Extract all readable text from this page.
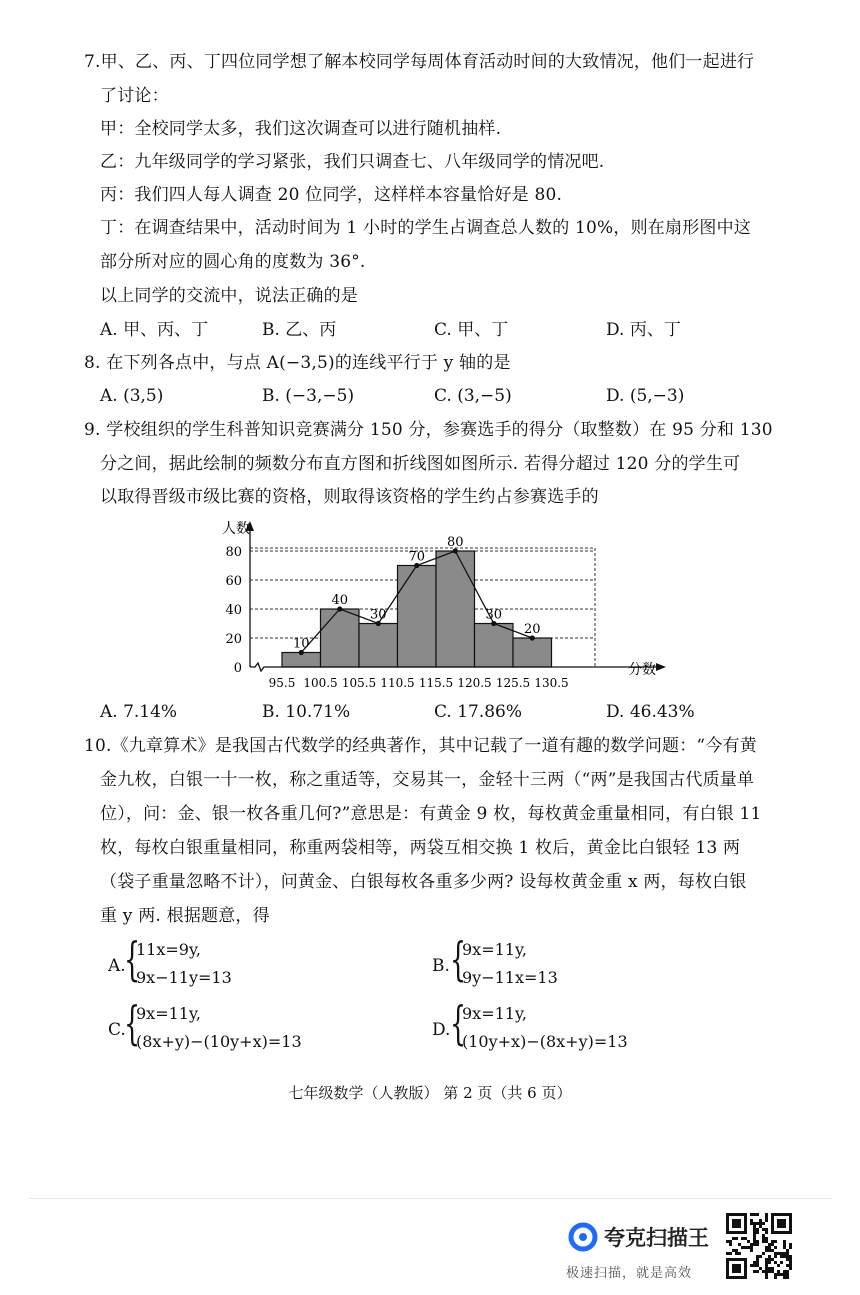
7.甲、乙、丙、丁四位同学想了解本校同学每周体育活动时间的大致情况，他们一起进行
了讨论：
甲：全校同学太多，我们这次调查可以进行随机抽样.
乙：九年级同学的学习紧张，我们只调查七、八年级同学的情况吧.
丙：我们四人每人调查 20 位同学，这样样本容量恰好是 80.
丁：在调查结果中，活动时间为 1 小时的学生占调查总人数的 10%，则在扇形图中这
部分所对应的圆心角的度数为 36°.
以上同学的交流中，说法正确的是
A. 甲、丙、丁	B. 乙、丙	C. 甲、丁	D. 丙、丁
8. 在下列各点中，与点 A(−3,5)的连线平行于 y 轴的是
A. (3,5)	B. (−3,−5)	C. (3,−5)	D. (5,−3)
9. 学校组织的学生科普知识竞赛满分 150 分，参赛选手的得分（取整数）在 95 分和 130
分之间，据此绘制的频数分布直方图和折线图如图所示. 若得分超过 120 分的学生可
以取得晋级市级比赛的资格，则取得该资格的学生约占参赛选手的
0
20
40
60
80
10
40
30
70
80
30
20
人数
分数
95.5 100.5 105.5 110.5 115.5 120.5 125.5 130.5
A. 7.14%	B. 10.71%	C. 17.86%	D. 46.43%
10.《九章算术》是我国古代数学的经典著作，其中记载了一道有趣的数学问题：“今有黄
金九枚，白银一十一枚，称之重适等，交易其一，金轻十三两（“两”是我国古代质量单
位），问：金、银一枚各重几何?”意思是：有黄金 9 枚，每枚黄金重量相同，有白银 11
枚，每枚白银重量相同，称重两袋相等，两袋互相交换 1 枚后，黄金比白银轻 13 两
（袋子重量忽略不计），问黄金、白银每枚各重多少两? 设每枚黄金重 x 两，每枚白银
重 y 两. 根据题意，得
A.
{
11x=9y,
9x−11y=13
B. {
9x=11y,
9y−11x=13
C.
{
9x=11y,
(8x+y)−(10y+x)=13
D. {
9x=11y,
(10y+x)−(8x+y)=13
七年级数学（人教版） 第 2 页（共 6 页）
夸克扫描王
极速扫描，就是高效
